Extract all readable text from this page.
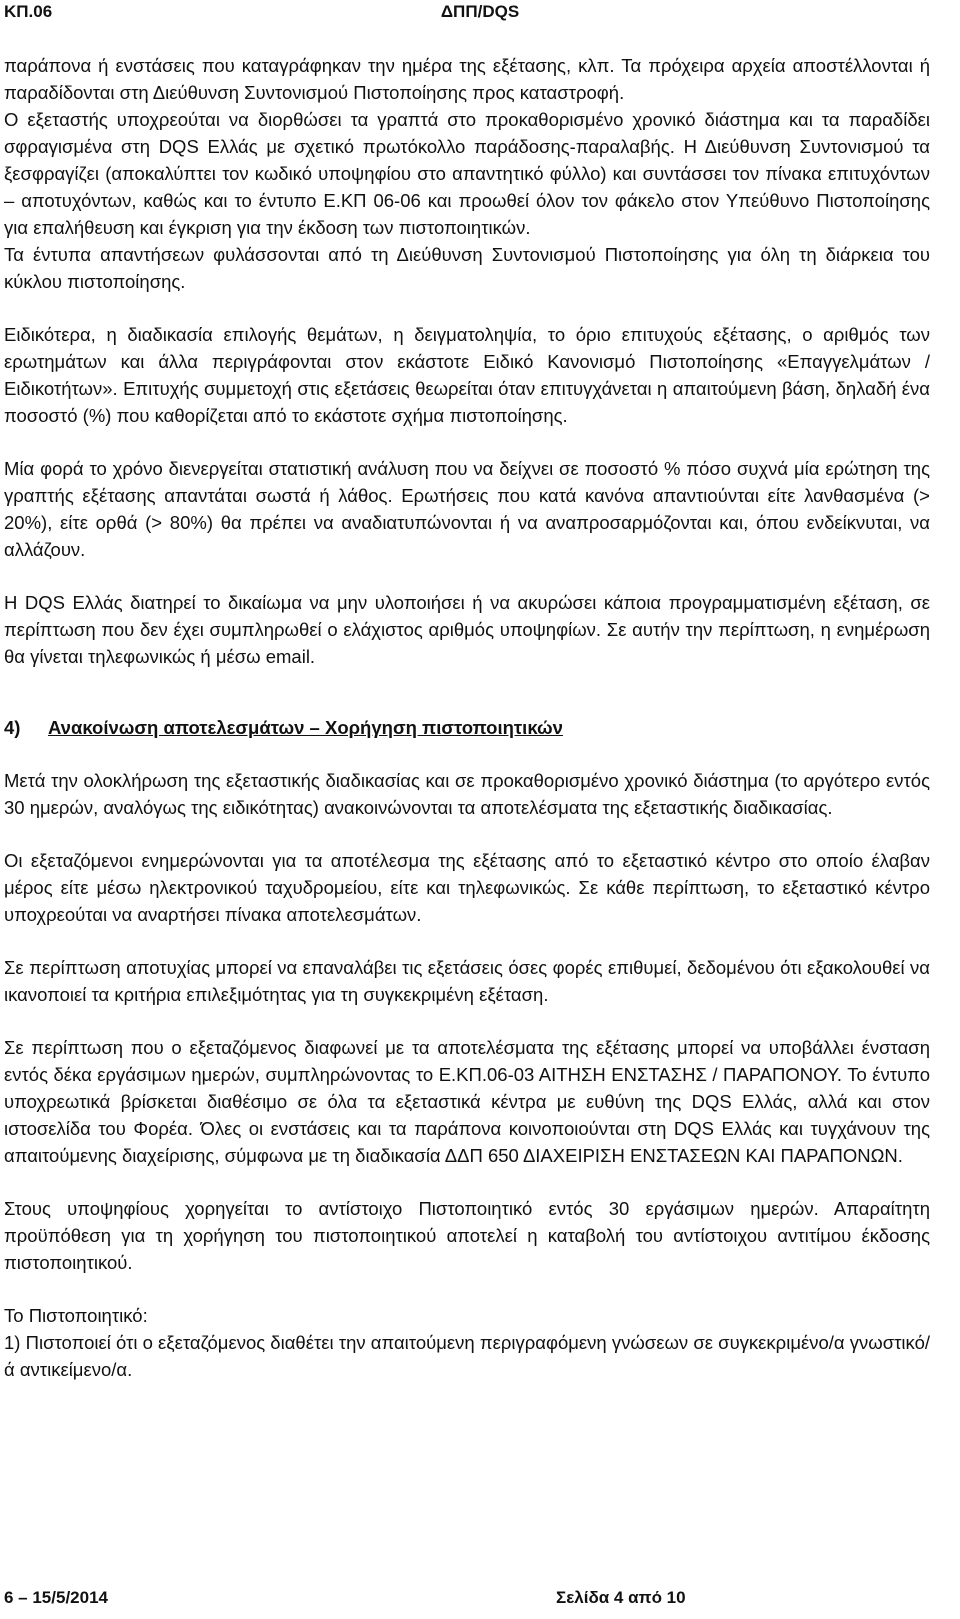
ΚΠ.06	ΔΠΠ/DQS

παράπονα ή ενστάσεις που καταγράφηκαν την ημέρα της εξέτασης, κλπ. Τα πρόχειρα αρχεία αποστέλλονται ή παραδίδονται στη Διεύθυνση Συντονισμού Πιστοποίησης προς καταστροφή.

Ο εξεταστής υποχρεούται να διορθώσει τα γραπτά στο προκαθορισμένο χρονικό διάστημα και τα παραδίδει σφραγισμένα στη DQS Ελλάς με σχετικό πρωτόκολλο παράδοσης-παραλαβής. Η Διεύθυνση Συντονισμού τα ξεσφραγίζει (αποκαλύπτει τον κωδικό υποψηφίου στο απαντητικό φύλλο) και συντάσσει τον πίνακα επιτυχόντων – αποτυχόντων, καθώς και το έντυπο Ε.ΚΠ 06-06 και προωθεί όλον τον φάκελο στον Υπεύθυνο Πιστοποίησης για επαλήθευση και έγκριση για την έκδοση των πιστοποιητικών.

Τα έντυπα απαντήσεων φυλάσσονται από τη Διεύθυνση Συντονισμού Πιστοποίησης για όλη τη διάρκεια του κύκλου πιστοποίησης.

Ειδικότερα, η διαδικασία επιλογής θεμάτων, η δειγματοληψία, το όριο επιτυχούς εξέτασης, ο αριθμός των ερωτημάτων και άλλα περιγράφονται στον εκάστοτε Ειδικό Κανονισμό Πιστοποίησης «Επαγγελμάτων / Ειδικοτήτων». Επιτυχής συμμετοχή στις εξετάσεις θεωρείται όταν επιτυγχάνεται η απαιτούμενη βάση, δηλαδή ένα ποσοστό (%) που καθορίζεται από το εκάστοτε σχήμα πιστοποίησης.

Μία φορά το χρόνο διενεργείται στατιστική ανάλυση που να δείχνει σε ποσοστό % πόσο συχνά μία ερώτηση της γραπτής εξέτασης απαντάται σωστά ή λάθος. Ερωτήσεις που κατά κανόνα απαντιούνται είτε λανθασμένα (> 20%), είτε ορθά (> 80%) θα πρέπει να αναδιατυπώνονται ή να αναπροσαρμόζονται και, όπου ενδείκνυται, να αλλάζουν.

Η DQS Ελλάς διατηρεί το δικαίωμα να μην υλοποιήσει ή να ακυρώσει κάποια προγραμματισμένη εξέταση, σε περίπτωση που δεν έχει συμπληρωθεί ο ελάχιστος αριθμός υποψηφίων. Σε αυτήν την περίπτωση, η ενημέρωση θα γίνεται τηλεφωνικώς ή μέσω email.

4) Ανακοίνωση αποτελεσμάτων – Χορήγηση πιστοποιητικών

Μετά την ολοκλήρωση της εξεταστικής διαδικασίας και σε προκαθορισμένο χρονικό διάστημα (το αργότερο εντός 30 ημερών, αναλόγως της ειδικότητας) ανακοινώνονται τα αποτελέσματα της εξεταστικής διαδικασίας.

Οι εξεταζόμενοι ενημερώνονται για τα αποτέλεσμα της εξέτασης από το εξεταστικό κέντρο στο οποίο έλαβαν μέρος είτε μέσω ηλεκτρονικού ταχυδρομείου, είτε και τηλεφωνικώς. Σε κάθε περίπτωση, το εξεταστικό κέντρο υποχρεούται να αναρτήσει πίνακα αποτελεσμάτων.

Σε περίπτωση αποτυχίας μπορεί να επαναλάβει τις εξετάσεις όσες φορές επιθυμεί, δεδομένου ότι εξακολουθεί να ικανοποιεί τα κριτήρια επιλεξιμότητας για τη συγκεκριμένη εξέταση.

Σε περίπτωση που ο εξεταζόμενος διαφωνεί με τα αποτελέσματα της εξέτασης μπορεί να υποβάλλει ένσταση εντός δέκα εργάσιμων ημερών, συμπληρώνοντας το Ε.ΚΠ.06-03 ΑΙΤΗΣΗ ΕΝΣΤΑΣΗΣ / ΠΑΡΑΠΟΝΟΥ. Το έντυπο υποχρεωτικά βρίσκεται διαθέσιμο σε όλα τα εξεταστικά κέντρα με ευθύνη της DQS Ελλάς, αλλά και στον ιστοσελίδα του Φορέα. Όλες οι ενστάσεις και τα παράπονα κοινοποιούνται στη DQS Ελλάς και τυγχάνουν της απαιτούμενης διαχείρισης, σύμφωνα με τη διαδικασία ΔΔΠ 650 ΔΙΑΧΕΙΡΙΣΗ ΕΝΣΤΑΣΕΩΝ ΚΑΙ ΠΑΡΑΠΟΝΩΝ.

Στους υποψηφίους χορηγείται το αντίστοιχο Πιστοποιητικό εντός 30 εργάσιμων ημερών. Απαραίτητη προϋπόθεση για τη χορήγηση του πιστοποιητικού αποτελεί η καταβολή του αντίστοιχου αντιτίμου έκδοσης πιστοποιητικού.

Το Πιστοποιητικό:

1) Πιστοποιεί ότι ο εξεταζόμενος διαθέτει την απαιτούμενη περιγραφόμενη γνώσεων σε συγκεκριμένο/α γνωστικό/ά αντικείμενο/α.

6 – 15/5/2014	Σελίδα 4 από 10
